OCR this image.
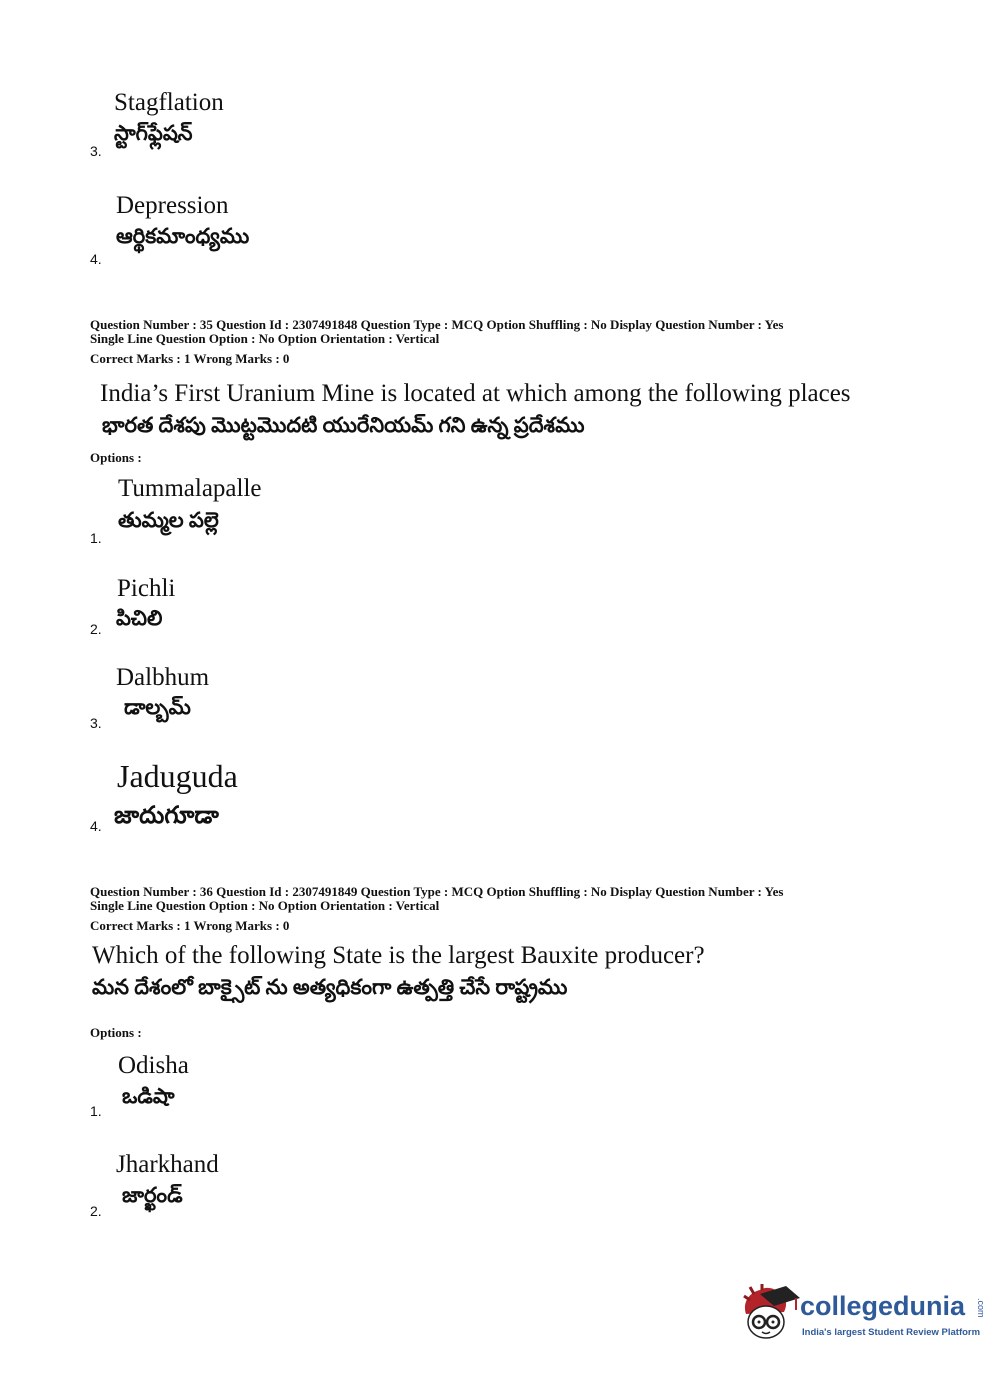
Stagflation
స్టాగ్‌ఫ్లేషన్
3.
Depression
ఆర్థికమాంధ్యము
4.
Question Number : 35 Question Id : 2307491848 Question Type : MCQ Option Shuffling : No Display Question Number : Yes
Single Line Question Option : No Option Orientation : Vertical
Correct Marks : 1 Wrong Marks : 0
India’s First Uranium Mine is located at which among the following places
భారత దేశపు మొట్టమొదటి యురేనియమ్ గని ఉన్న ప్రదేశము
Options :
Tummalapalle
తుమ్మల పల్లె
1.
Pichli
పిచిలి
2.
Dalbhum
డాల్బమ్
3.
Jaduguda
జాదుగూడా
4.
Question Number : 36 Question Id : 2307491849 Question Type : MCQ Option Shuffling : No Display Question Number : Yes
Single Line Question Option : No Option Orientation : Vertical
Correct Marks : 1 Wrong Marks : 0
Which of the following State is the largest Bauxite producer?
మన దేశంలో బాక్సైట్ ను అత్యధికంగా ఉత్పత్తి చేసే రాష్ట్రము
Options :
Odisha
ఒడిషా
1.
Jharkhand
జార్ఖండ్
2.
collegedunia .com
India's largest Student Review Platform
